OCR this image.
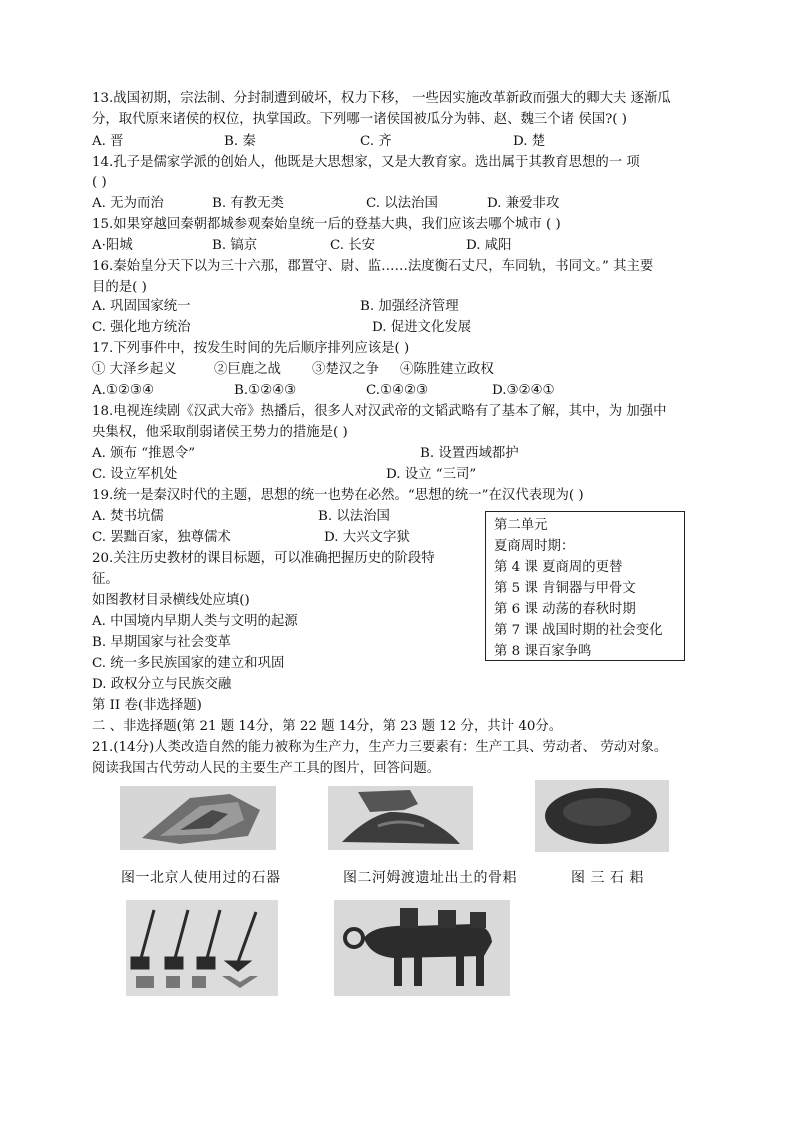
13.战国初期，宗法制、分封制遭到破坏，权力下移， 一些因实施改革新政而强大的卿大夫 逐渐瓜
分，取代原来诸侯的权位，执掌国政。下列哪一诸侯国被瓜分为韩、赵、魏三个诸 侯国?( )
A. 晋	B. 秦	C. 齐	D. 楚
14.孔子是儒家学派的创始人，他既是大思想家，又是大教育家。选出属于其教育思想的一 项
( )
A. 无为而治	B. 有教无类	C. 以法治国	D. 兼爱非攻
15.如果穿越回秦朝都城参观秦始皇统一后的登基大典，我们应该去哪个城市 ( )
A·阳城	B. 镐京	C. 长安	D. 咸阳
16.秦始皇分天下以为三十六那，郡置守、尉、监……法度衡石丈尺，车同轨，书同文。” 其主要
目的是( )
A. 巩固国家统一	B. 加强经济管理
C. 强化地方统治	D. 促进文化发展
17.下列事件中，按发生时间的先后顺序排列应该是( )
① 大泽乡起义	②巨鹿之战 ③楚汉之争 ④陈胜建立政权
A.①②③④	B.①②④③	C.①④②③	D.③②④①
18.电视连续剧《汉武大帝》热播后，很多人对汉武帝的文韬武略有了基本了解，其中，为 加强中
央集权，他采取削弱诸侯王势力的措施是( )
A. 颁布 “推恩令”	B. 设置西域都护
C. 设立军机处	D. 设立 “三司”
19.统一是秦汉时代的主题，思想的统一也势在必然。“思想的统一”在汉代表现为( )
A. 焚书坑儒	B. 以法治国
C. 罢黜百家，独尊儒术	D. 大兴文字狱
20.关注历史教材的课目标题，可以准确把握历史的阶段特
征。
如图教材目录横线处应填()
A. 中国境内早期人类与文明的起源
B. 早期国家与社会变革
C. 统一多民族国家的建立和巩固
D. 政权分立与民族交融
第二单元
夏商周时期：
第 4 课 夏商周的更替
第 5 课 肯铜器与甲骨文
第 6 课 动荡的春秋时期
第 7 课 战国时期的社会变化
第 8 课百家争鸣
第 II 卷(非选择题)
二 、非选择题(第 21 题 14分，第 22 题 14分，第 23 题 12 分，共计 40分。
21.(14分)人类改造自然的能力被称为生产力，生产力三要素有：生产工具、劳动者、 劳动对象。
阅读我国古代劳动人民的主要生产工具的图片，回答问题。
图一北京人使用过的石器	图二河姆渡遗址出土的骨耜	图 三 石 耜
